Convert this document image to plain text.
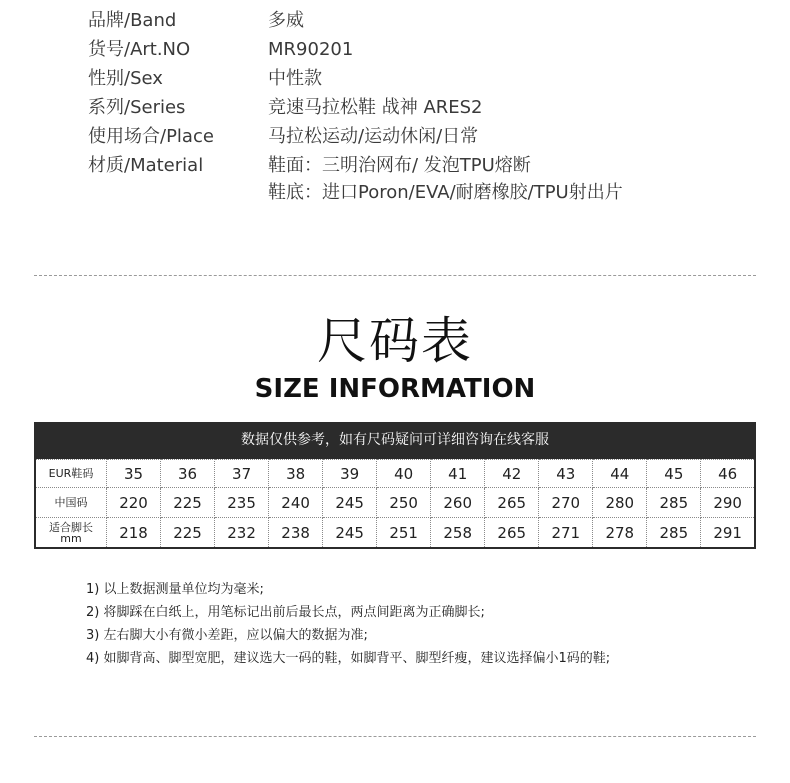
品牌/Band	多威
货号/Art.NO	MR90201
性别/Sex	中性款
系列/Series	竞速马拉松鞋 战神 ARES2
使用场合/Place	马拉松运动/运动休闲/日常
材质/Material	鞋面：三明治网布/ 发泡TPU熔断
鞋底：进口Poron/EVA/耐磨橡胶/TPU射出片
尺码表
SIZE INFORMATION
数据仅供参考，如有尺码疑问可详细咨询在线客服
EUR鞋码	35	36	37	38	39	40	41	42	43	44	45	46
中国码	220	225	235	240	245	250	260	265	270	280	285	290
适合脚长
mm	218	225	232	238	245	251	258	265	271	278	285	291
1) 以上数据测量单位均为毫米;
2) 将脚踩在白纸上，用笔标记出前后最长点，两点间距离为正确脚长;
3) 左右脚大小有微小差距，应以偏大的数据为准;
4) 如脚背高、脚型宽肥，建议选大一码的鞋，如脚背平、脚型纤瘦，建议选择偏小1码的鞋;
